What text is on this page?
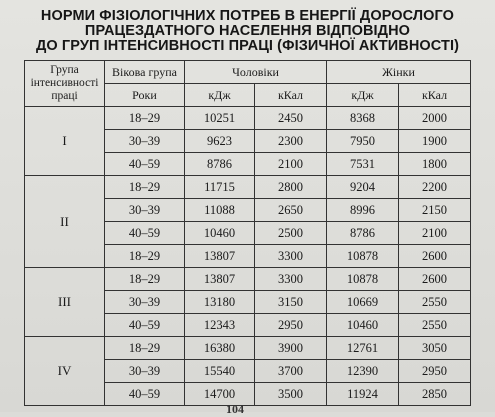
НОРМИ ФІЗІОЛОГІЧНИХ ПОТРЕБ В ЕНЕРГІЇ ДОРОСЛОГО
ПРАЦЕЗДАТНОГО НАСЕЛЕННЯ ВІДПОВІДНО
ДО ГРУП ІНТЕНСИВНОСТІ ПРАЦІ (ФІЗИЧНОЇ АКТИВНОСТІ)
Група інтенсивності праці	Вікова група	Чоловіки		Жінки	
	Роки	кДж	кКал	кДж	кКал
I	18–29	10251	2450	8368	2000
	30–39	9623	2300	7950	1900
	40–59	8786	2100	7531	1800
II	18–29	11715	2800	9204	2200
	30–39	11088	2650	8996	2150
	40–59	10460	2500	8786	2100
	18–29	13807	3300	10878	2600
III	18–29	13807	3300	10878	2600
	30–39	13180	3150	10669	2550
	40–59	12343	2950	10460	2550
IV	18–29	16380	3900	12761	3050
	30–39	15540	3700	12390	2950
	40–59	14700	3500	11924	2850
104
